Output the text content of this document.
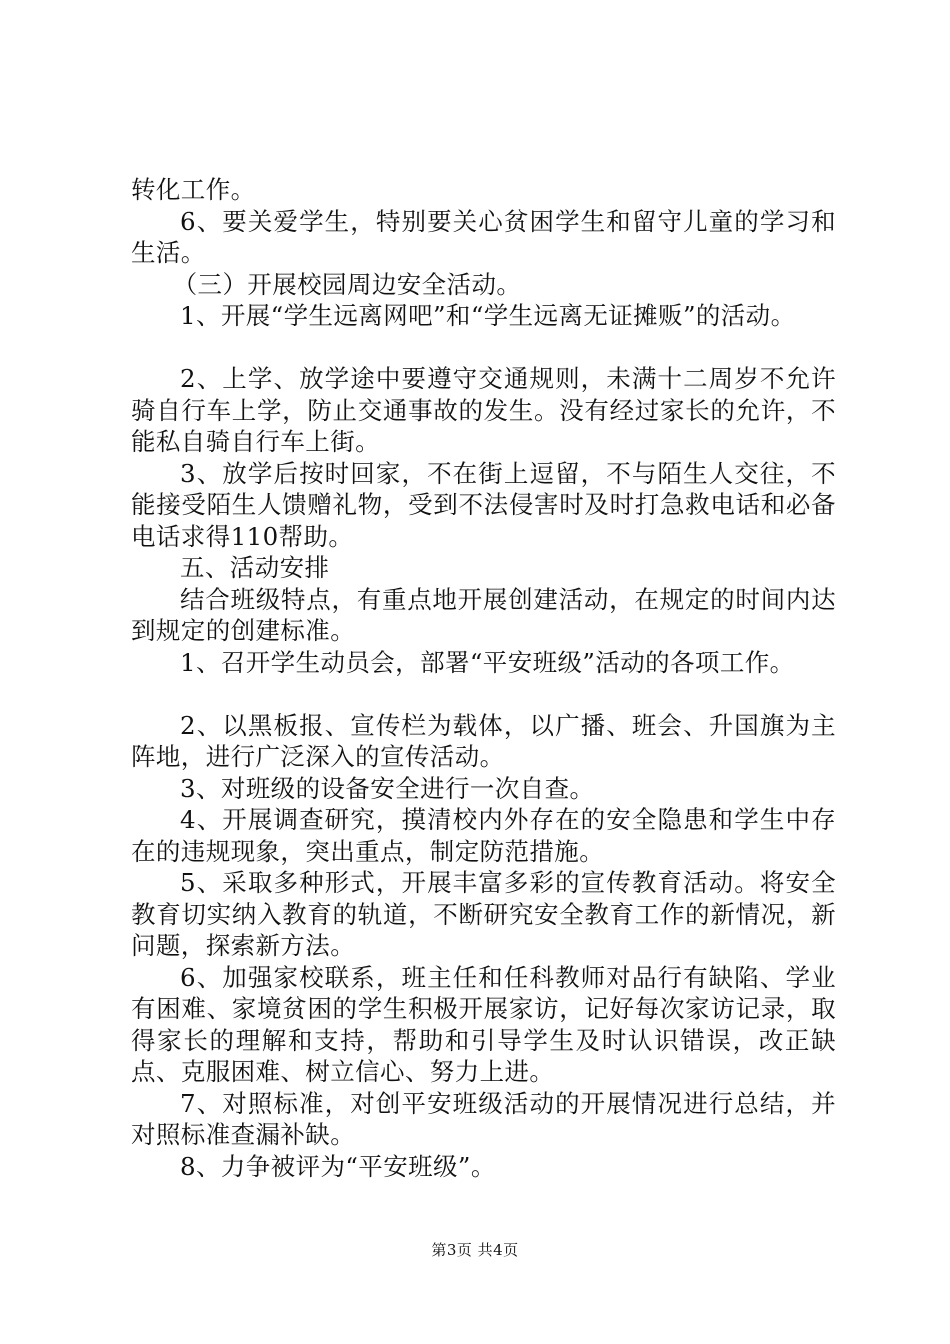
转化工作。

6、要关爱学生，特别要关心贫困学生和留守儿童的学习和生活。

（三）开展校园周边安全活动。

1、开展“学生远离网吧”和“学生远离无证摊贩”的活动。

2、上学、放学途中要遵守交通规则，未满十二周岁不允许骑自行车上学，防止交通事故的发生。没有经过家长的允许，不能私自骑自行车上街。

3、放学后按时回家，不在街上逗留，不与陌生人交往，不能接受陌生人馈赠礼物，受到不法侵害时及时打急救电话和必备电话求得110帮助。

五、活动安排

结合班级特点，有重点地开展创建活动，在规定的时间内达到规定的创建标准。

1、召开学生动员会，部署“平安班级”活动的各项工作。

2、以黑板报、宣传栏为载体，以广播、班会、升国旗为主阵地，进行广泛深入的宣传活动。

3、对班级的设备安全进行一次自查。

4、开展调查研究，摸清校内外存在的安全隐患和学生中存在的违规现象，突出重点，制定防范措施。

5、采取多种形式，开展丰富多彩的宣传教育活动。将安全教育切实纳入教育的轨道，不断研究安全教育工作的新情况，新问题，探索新方法。

6、加强家校联系，班主任和任科教师对品行有缺陷、学业有困难、家境贫困的学生积极开展家访，记好每次家访记录，取得家长的理解和支持，帮助和引导学生及时认识错误，改正缺点、克服困难、树立信心、努力上进。

7、对照标准，对创平安班级活动的开展情况进行总结，并对照标准查漏补缺。

8、力争被评为“平安班级”。

第3页 共4页
